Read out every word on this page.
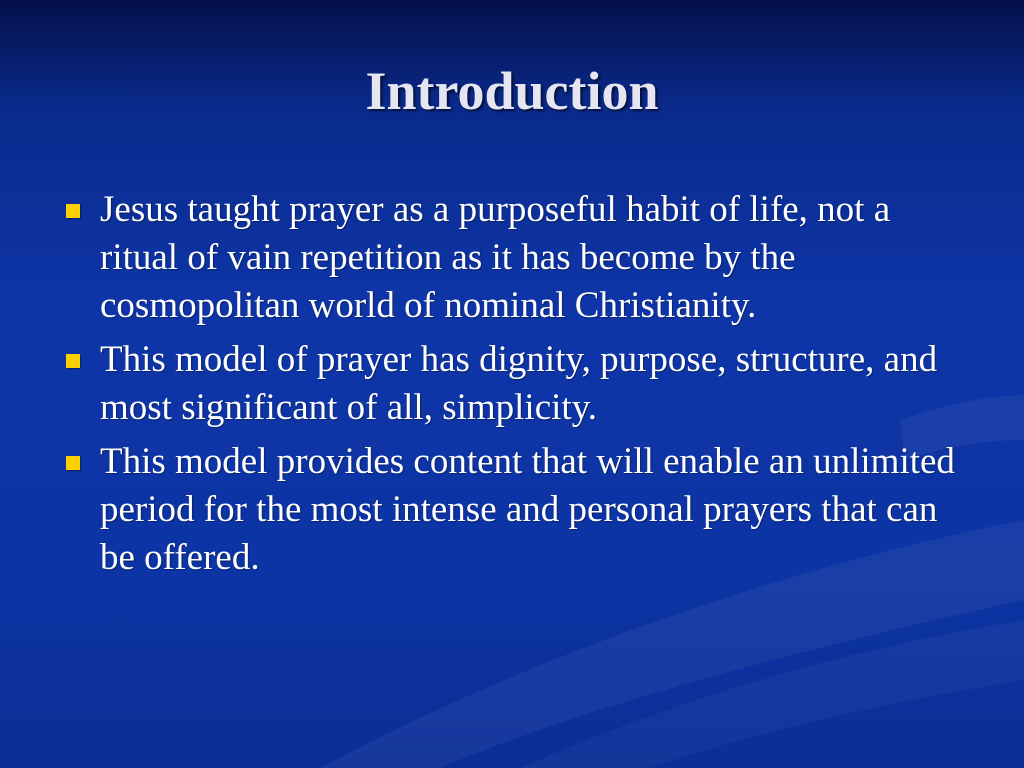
Introduction
Jesus taught prayer as a purposeful habit of life, not a ritual of vain repetition as it has become by the cosmopolitan world of nominal Christianity.
This model of prayer has dignity, purpose, structure, and most significant of all, simplicity.
This model provides content that will enable an unlimited period for the most intense and personal prayers that can be offered.
